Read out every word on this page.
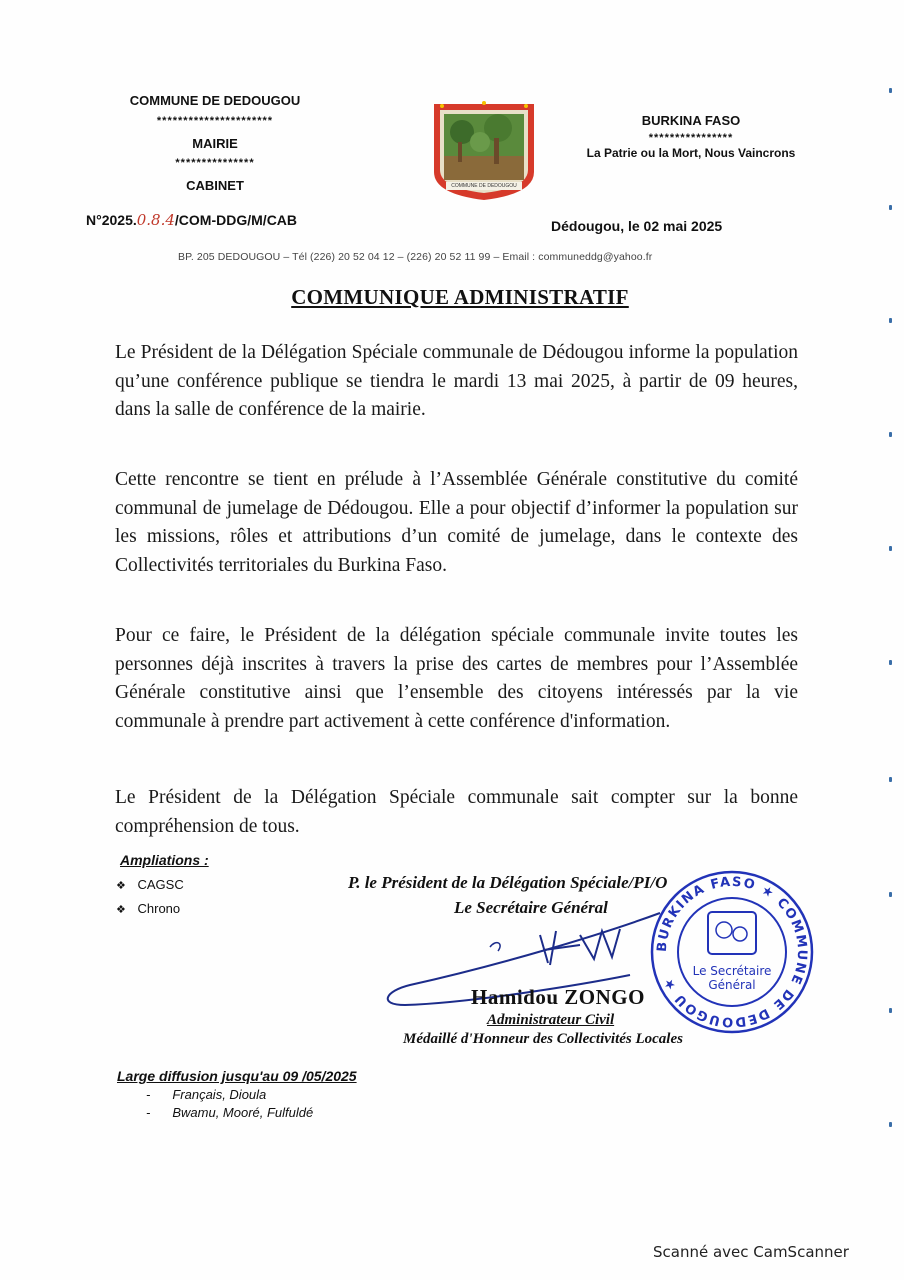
COMMUNE DE DEDOUGOU
**********************
MAIRIE
***************
CABINET
N°2025.0.8.4/COM-DDG/M/CAB
COMMUNE DE DEDOUGOU
BURKINA FASO
****************
La Patrie ou la Mort, Nous Vaincrons
Dédougou, le 02 mai 2025
BP. 205 DEDOUGOU – Tél (226) 20 52 04 12 – (226) 20 52 11 99 – Email : communeddg@yahoo.fr
COMMUNIQUE ADMINISTRATIF
Le Président de la Délégation Spéciale communale de Dédougou informe la population qu’une conférence publique se tiendra le mardi 13 mai 2025, à partir de 09 heures, dans la salle de conférence de la mairie.
Cette rencontre se tient en prélude à l’Assemblée Générale constitutive du comité communal de jumelage de Dédougou. Elle a pour objectif d’informer la population sur les missions, rôles et attributions d’un comité de jumelage, dans le contexte des Collectivités territoriales du Burkina Faso.
Pour ce faire, le Président de la délégation spéciale communale invite toutes les personnes déjà inscrites à travers la prise des cartes de membres pour l’Assemblée Générale constitutive ainsi que l’ensemble des citoyens intéressés par la vie communale à prendre part activement à cette conférence d'information.
Le Président de la Délégation Spéciale communale sait compter sur la bonne compréhension de tous.
Ampliations :
❖ CAGSC
❖ Chrono
P. le Président de la Délégation Spéciale/PI/O
Le Secrétaire Général
Hamidou ZONGO
Administrateur Civil
Médaillé d'Honneur des Collectivités Locales
BURKINA FASO ★ COMMUNE DE DEDOUGOU ★
Le Secrétaire
Général
Large diffusion jusqu'au 09 /05/2025
- Français, Dioula
- Bwamu, Mooré, Fulfuldé
Scanné avec CamScanner
